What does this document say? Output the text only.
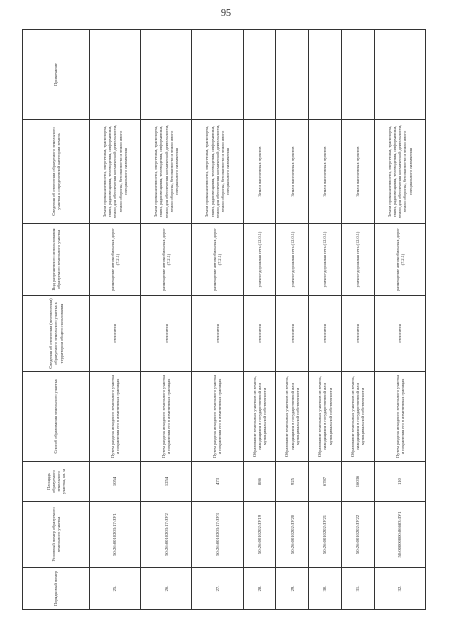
95
Порядковый номер	Условный номер образуемого земельного участка	Площадь образуемого земельного участка, кв. м	Способ образования земельного участка	Сведения об отнесении (неотнесении) образуемого земельного участка к территории общего пользования	Вид разрешенного использования образуемого земельного участка	Сведения об отнесении образуемого земельного участка к определенной категории земель	Примечание
25.	50:26:0010203:17:ЗУ1	1054	Путем раздела исходного земельного участка и сохранения его в измененных границах	относится	размещение автомобильных дорог (7.2.1)	Земли промышленности, энергетики, транспорта, связи, радиовещания, телевидения, информатики, земли для обеспечения космической деятельности, земли обороны, безопасности и земли иного специального назначения	
26.	50:26:0010203:17:ЗУ2	1254	Путем раздела исходного земельного участка и сохранения его в измененных границах	относится	размещение автомобильных дорог (7.2.1)	Земли промышленности, энергетики, транспорта, связи, радиовещания, телевидения, информатики, земли для обеспечения космической деятельности, земли обороны, безопасности и земли иного специального назначения	
27.	50:26:0010203:17:ЗУ3	473	Путем раздела исходного земельного участка и сохранения его в измененных границах	относится	размещение автомобильных дорог (7.2.1)	Земли промышленности, энергетики, транспорта, связи, радиовещания, телевидения, информатики, земли для обеспечения космической деятельности, земли обороны, безопасности и земли иного специального назначения	
28.	50:26:0010202:ЗУ19	886	Образование земельных участков из земель, находящихся в государственной или муниципальной собственности	относится	улично-дорожная сеть (12.0.1)	Земли населенных пунктов	
29.	50:26:0010202:ЗУ20	925	Образование земельных участков из земель, находящихся в государственной или муниципальной собственности	относится	улично-дорожная сеть (12.0.1)	Земли населенных пунктов	
30.	50:26:0010202:ЗУ21	6787	Образование земельных участков из земель, находящихся в государственной или муниципальной собственности	относится	улично-дорожная сеть (12.0.1)	Земли населенных пунктов	
31.	50:26:0010202:ЗУ22	16036	Образование земельных участков из земель, находящихся в государственной или муниципальной собственности	относится	улично-дорожная сеть (12.0.1)	Земли населенных пунктов	
32.	50:00000000:86683:ЗУ1	110	Путем раздела исходного земельного участка и сохранения его в измененных границах	относится	размещение автомобильных дорог (7.2.1)	Земли промышленности, энергетики, транспорта, связи, радиовещания, телевидения, информатики, земли для обеспечения космической деятельности, земли обороны, безопасности и земли иного специального назначения	
